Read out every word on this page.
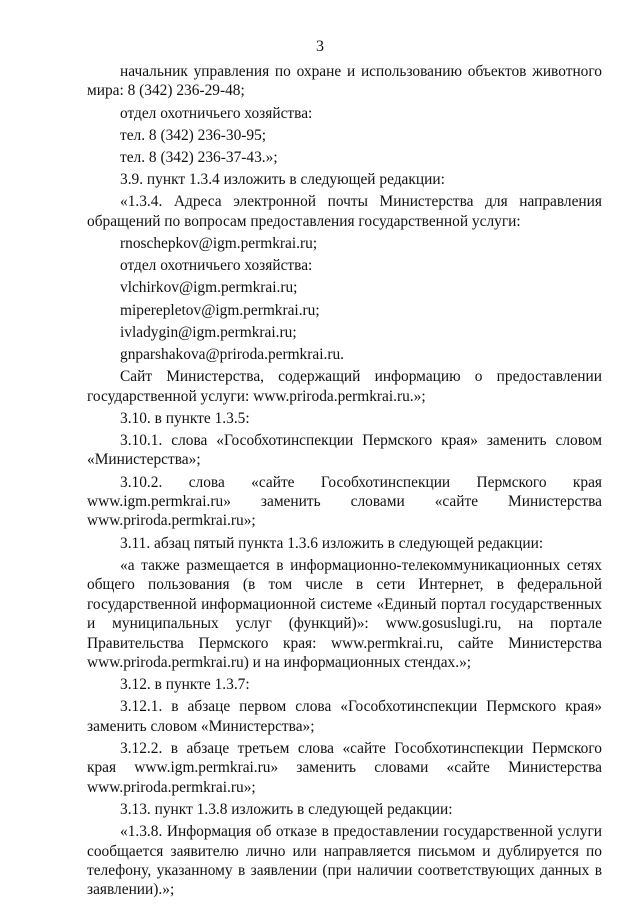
3

начальник управления по охране и использованию объектов животного мира: 8 (342) 236-29-48;

отдел охотничьего хозяйства:

тел. 8 (342) 236-30-95;

тел. 8 (342) 236-37-43.»;

3.9. пункт 1.3.4 изложить в следующей редакции:

«1.3.4. Адреса электронной почты Министерства для направления обращений по вопросам предоставления государственной услуги:

rnoschepkov@igm.permkrai.ru;

отдел охотничьего хозяйства:

vlchirkov@igm.permkrai.ru;

miperepletov@igm.permkrai.ru;

ivladygin@igm.permkrai.ru;

gnparshakova@priroda.permkrai.ru.

Сайт Министерства, содержащий информацию о предоставлении государственной услуги: www.priroda.permkrai.ru.»;

3.10. в пункте 1.3.5:

3.10.1. слова «Гособхотинспекции Пермского края» заменить словом «Министерства»;

3.10.2. слова «сайте Гособхотинспекции Пермского края www.igm.permkrai.ru» заменить словами «сайте Министерства www.priroda.permkrai.ru»;

3.11. абзац пятый пункта 1.3.6 изложить в следующей редакции:

«а также размещается в информационно-телекоммуникационных сетях общего пользования (в том числе в сети Интернет, в федеральной государственной информационной системе «Единый портал государственных и муниципальных услуг (функций)»: www.gosuslugi.ru, на портале Правительства Пермского края: www.permkrai.ru, сайте Министерства www.priroda.permkrai.ru) и на информационных стендах.»;

3.12. в пункте 1.3.7:

3.12.1. в абзаце первом слова «Гособхотинспекции Пермского края» заменить словом «Министерства»;

3.12.2. в абзаце третьем слова «сайте Гособхотинспекции Пермского края www.igm.permkrai.ru» заменить словами «сайте Министерства www.priroda.permkrai.ru»;

3.13. пункт 1.3.8 изложить в следующей редакции:

«1.3.8. Информация об отказе в предоставлении государственной услуги сообщается заявителю лично или направляется письмом и дублируется по телефону, указанному в заявлении (при наличии соответствующих данных в заявлении).»;
